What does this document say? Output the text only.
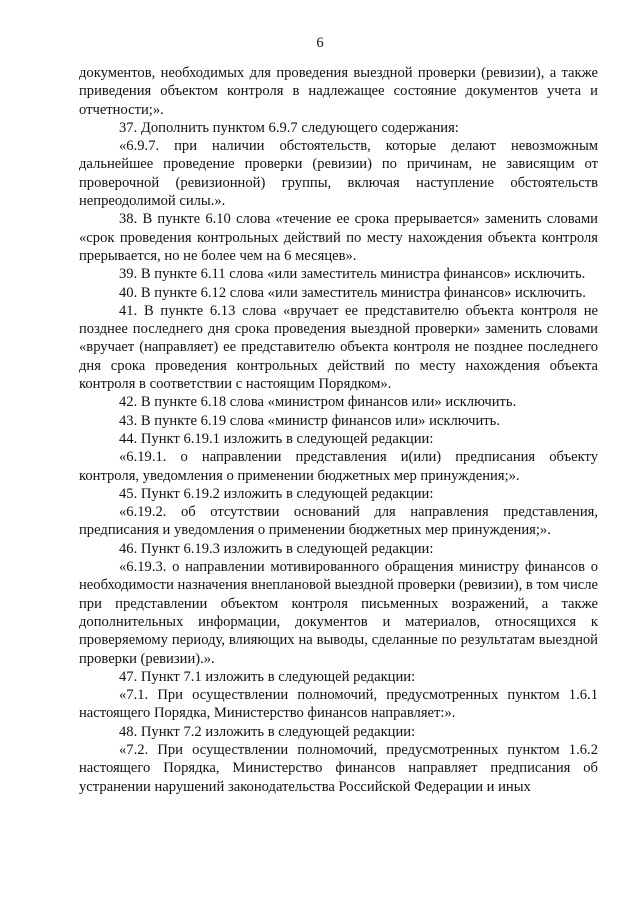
6

документов, необходимых для проведения выездной проверки (ревизии), а также приведения объектом контроля в надлежащее состояние документов учета и отчетности;».

37. Дополнить пунктом 6.9.7 следующего содержания:

«6.9.7. при наличии обстоятельств, которые делают невозможным дальнейшее проведение проверки (ревизии) по причинам, не зависящим от проверочной (ревизионной) группы, включая наступление обстоятельств непреодолимой силы.».

38. В пункте 6.10 слова «течение ее срока прерывается» заменить словами «срок проведения контрольных действий по месту нахождения объекта контроля прерывается, но не более чем на 6 месяцев».

39. В пункте 6.11 слова «или заместитель министра финансов» исключить.

40. В пункте 6.12 слова «или заместитель министра финансов» исключить.

41. В пункте 6.13 слова «вручает ее представителю объекта контроля не позднее последнего дня срока проведения выездной проверки» заменить словами «вручает (направляет) ее представителю объекта контроля не позднее последнего дня срока проведения контрольных действий по месту нахождения объекта контроля в соответствии с настоящим Порядком».

42. В пункте 6.18 слова «министром финансов или» исключить.

43. В пункте 6.19 слова «министр финансов или» исключить.

44. Пункт 6.19.1 изложить в следующей редакции:

«6.19.1. о направлении представления и(или) предписания объекту контроля, уведомления о применении бюджетных мер принуждения;».

45. Пункт 6.19.2 изложить в следующей редакции:

«6.19.2. об отсутствии оснований для направления представления, предписания и уведомления о применении бюджетных мер принуждения;».

46. Пункт 6.19.3 изложить в следующей редакции:

«6.19.3. о направлении мотивированного обращения министру финансов о необходимости назначения внеплановой выездной проверки (ревизии), в том числе при представлении объектом контроля письменных возражений, а также дополнительных информации, документов и материалов, относящихся к проверяемому периоду, влияющих на выводы, сделанные по результатам выездной проверки (ревизии).».

47. Пункт 7.1 изложить в следующей редакции:

«7.1. При осуществлении полномочий, предусмотренных пунктом 1.6.1 настоящего Порядка, Министерство финансов направляет:».

48. Пункт 7.2 изложить в следующей редакции:

«7.2. При осуществлении полномочий, предусмотренных пунктом 1.6.2 настоящего Порядка, Министерство финансов направляет предписания об устранении нарушений законодательства Российской Федерации и иных
